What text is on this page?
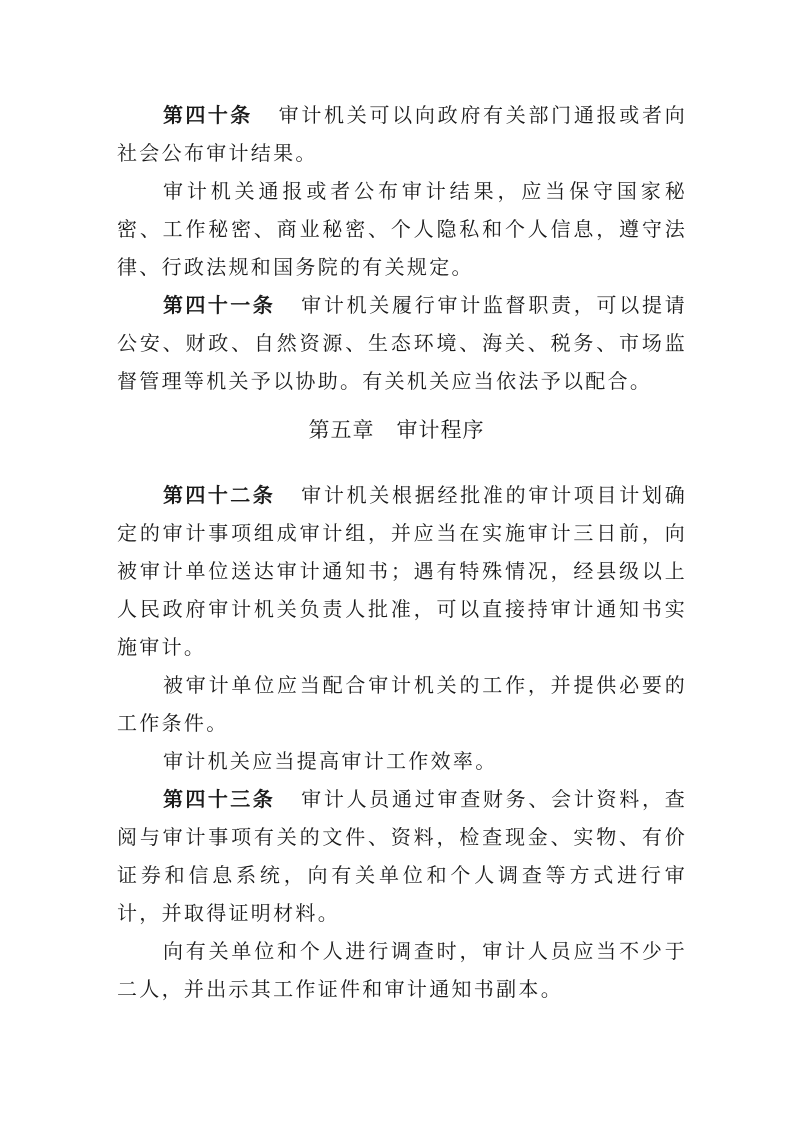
第四十条 审计机关可以向政府有关部门通报或者向社会公布审计结果。

审计机关通报或者公布审计结果，应当保守国家秘密、工作秘密、商业秘密、个人隐私和个人信息，遵守法律、行政法规和国务院的有关规定。

第四十一条 审计机关履行审计监督职责，可以提请公安、财政、自然资源、生态环境、海关、税务、市场监督管理等机关予以协助。有关机关应当依法予以配合。

第五章 审计程序

第四十二条 审计机关根据经批准的审计项目计划确定的审计事项组成审计组，并应当在实施审计三日前，向被审计单位送达审计通知书；遇有特殊情况，经县级以上人民政府审计机关负责人批准，可以直接持审计通知书实施审计。

被审计单位应当配合审计机关的工作，并提供必要的工作条件。

审计机关应当提高审计工作效率。

第四十三条 审计人员通过审查财务、会计资料，查阅与审计事项有关的文件、资料，检查现金、实物、有价证券和信息系统，向有关单位和个人调查等方式进行审计，并取得证明材料。

向有关单位和个人进行调查时，审计人员应当不少于二人，并出示其工作证件和审计通知书副本。
